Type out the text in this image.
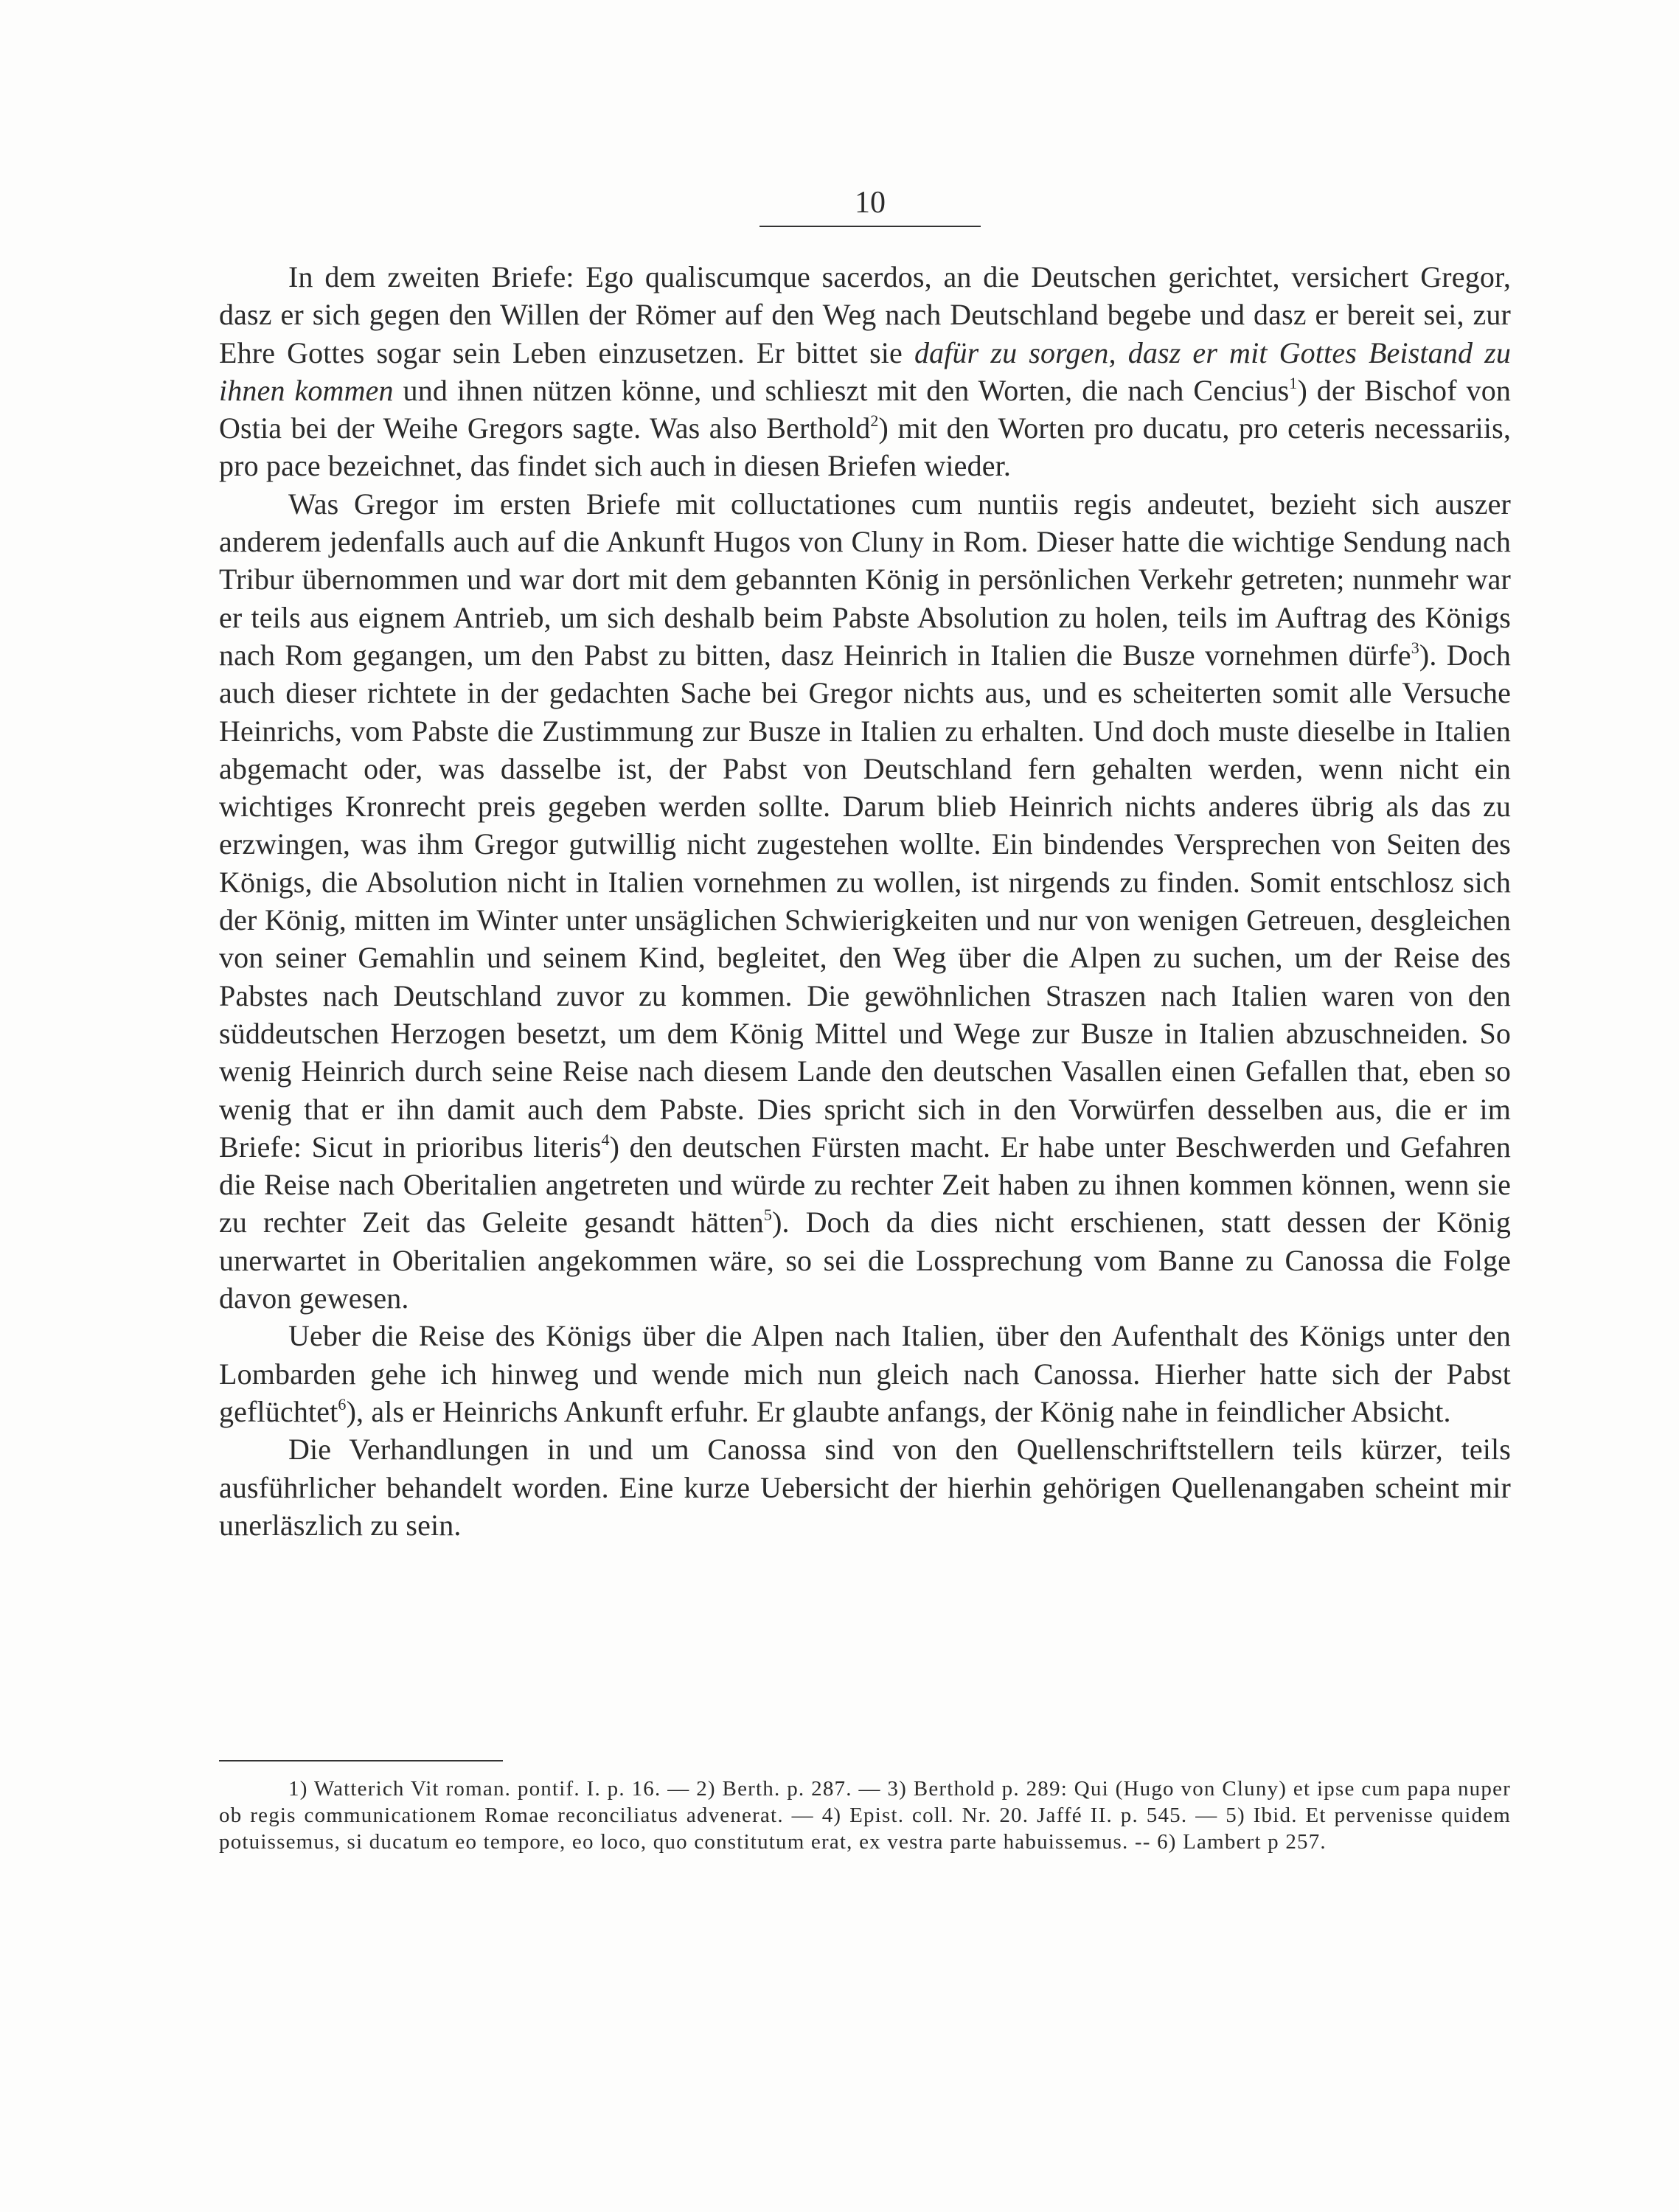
10

In dem zweiten Briefe: Ego qualiscumque sacerdos, an die Deutschen gerichtet, versichert Gregor, dasz er sich gegen den Willen der Römer auf den Weg nach Deutschland begebe und dasz er bereit sei, zur Ehre Gottes sogar sein Leben einzusetzen. Er bittet sie dafür zu sorgen, dasz er mit Gottes Beistand zu ihnen kommen und ihnen nützen könne, und schlieszt mit den Worten, die nach Cencius$^1$) der Bischof von Ostia bei der Weihe Gregors sagte. Was also Berthold$^2$) mit den Worten pro ducatu, pro ceteris necessariis, pro pace bezeichnet, das findet sich auch in diesen Briefen wieder.

Was Gregor im ersten Briefe mit colluctationes cum nuntiis regis andeutet, bezieht sich auszer anderem jedenfalls auch auf die Ankunft Hugos von Cluny in Rom. Dieser hatte die wichtige Sendung nach Tribur übernommen und war dort mit dem gebannten König in persönlichen Verkehr getreten; nunmehr war er teils aus eignem Antrieb, um sich deshalb beim Pabste Absolution zu holen, teils im Auftrag des Königs nach Rom gegangen, um den Pabst zu bitten, dasz Heinrich in Italien die Busze vornehmen dürfe$^3$). Doch auch dieser richtete in der gedachten Sache bei Gregor nichts aus, und es scheiterten somit alle Versuche Heinrichs, vom Pabste die Zustimmung zur Busze in Italien zu erhalten. Und doch muste dieselbe in Italien abgemacht oder, was dasselbe ist, der Pabst von Deutschland fern gehalten werden, wenn nicht ein wichtiges Kronrecht preis gegeben werden sollte. Darum blieb Heinrich nichts anderes übrig als das zu erzwingen, was ihm Gregor gutwillig nicht zugestehen wollte. Ein bindendes Versprechen von Seiten des Königs, die Absolution nicht in Italien vornehmen zu wollen, ist nirgends zu finden. Somit entschlosz sich der König, mitten im Winter unter unsäglichen Schwierigkeiten und nur von wenigen Getreuen, desgleichen von seiner Gemahlin und seinem Kind, begleitet, den Weg über die Alpen zu suchen, um der Reise des Pabstes nach Deutschland zuvor zu kommen. Die gewöhnlichen Straszen nach Italien waren von den süddeutschen Herzogen besetzt, um dem König Mittel und Wege zur Busze in Italien abzuschneiden. So wenig Heinrich durch seine Reise nach diesem Lande den deutschen Vasallen einen Gefallen that, eben so wenig that er ihn damit auch dem Pabste. Dies spricht sich in den Vorwürfen desselben aus, die er im Briefe: Sicut in prioribus literis$^4$) den deutschen Fürsten macht. Er habe unter Beschwerden und Gefahren die Reise nach Oberitalien angetreten und würde zu rechter Zeit haben zu ihnen kommen können, wenn sie zu rechter Zeit das Geleite gesandt hätten$^5$). Doch da dies nicht erschienen, statt dessen der König unerwartet in Oberitalien angekommen wäre, so sei die Lossprechung vom Banne zu Canossa die Folge davon gewesen.

Ueber die Reise des Königs über die Alpen nach Italien, über den Aufenthalt des Königs unter den Lombarden gehe ich hinweg und wende mich nun gleich nach Canossa. Hierher hatte sich der Pabst geflüchtet$^6$), als er Heinrichs Ankunft erfuhr. Er glaubte anfangs, der König nahe in feindlicher Absicht.

Die Verhandlungen in und um Canossa sind von den Quellenschriftstellern teils kürzer, teils ausführlicher behandelt worden. Eine kurze Uebersicht der hierhin gehörigen Quellenangaben scheint mir unerläszlich zu sein.

1) Watterich Vit roman. pontif. I. p. 16. — 2) Berth. p. 287. — 3) Berthold p. 289: Qui (Hugo von Cluny) et ipse cum papa nuper ob regis communicationem Romae reconciliatus advenerat. — 4) Epist. coll. Nr. 20. Jaffé II. p. 545. — 5) Ibid. Et pervenisse quidem potuissemus, si ducatum eo tempore, eo loco, quo constitutum erat, ex vestra parte habuissemus. -- 6) Lambert p 257.
